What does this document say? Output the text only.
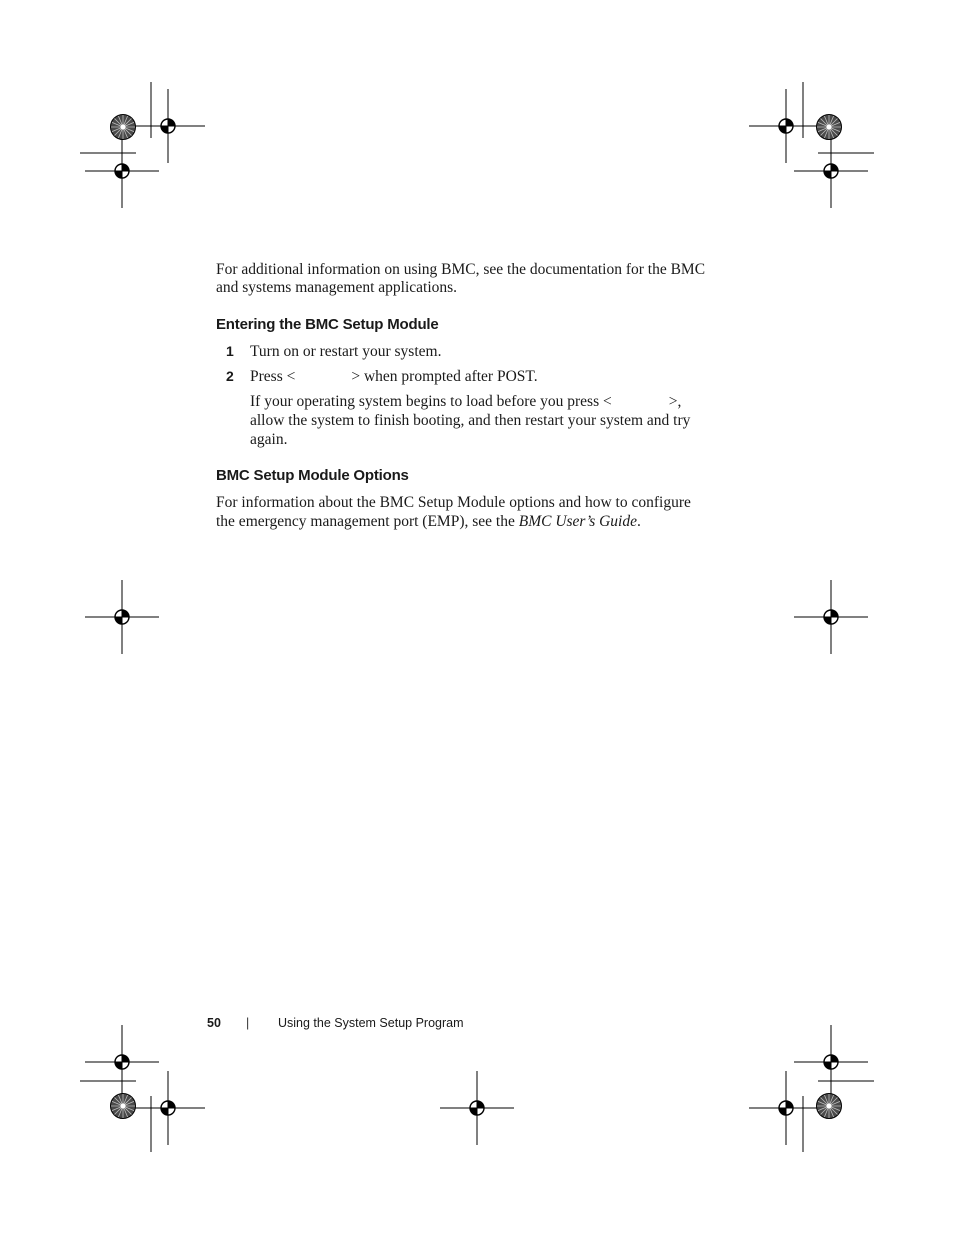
For additional information on using BMC, see the documentation for the BMC
and systems management applications.
Entering the BMC Setup Module
1 Turn on or restart your system.
2 Press <	> when prompted after POST.
If your operating system begins to load before you press <	>,
allow the system to finish booting, and then restart your system and try
again.
BMC Setup Module Options
For information about the BMC Setup Module options and how to configure
the emergency management port (EMP), see the BMC User’s Guide.
50 | Using the System Setup Program
